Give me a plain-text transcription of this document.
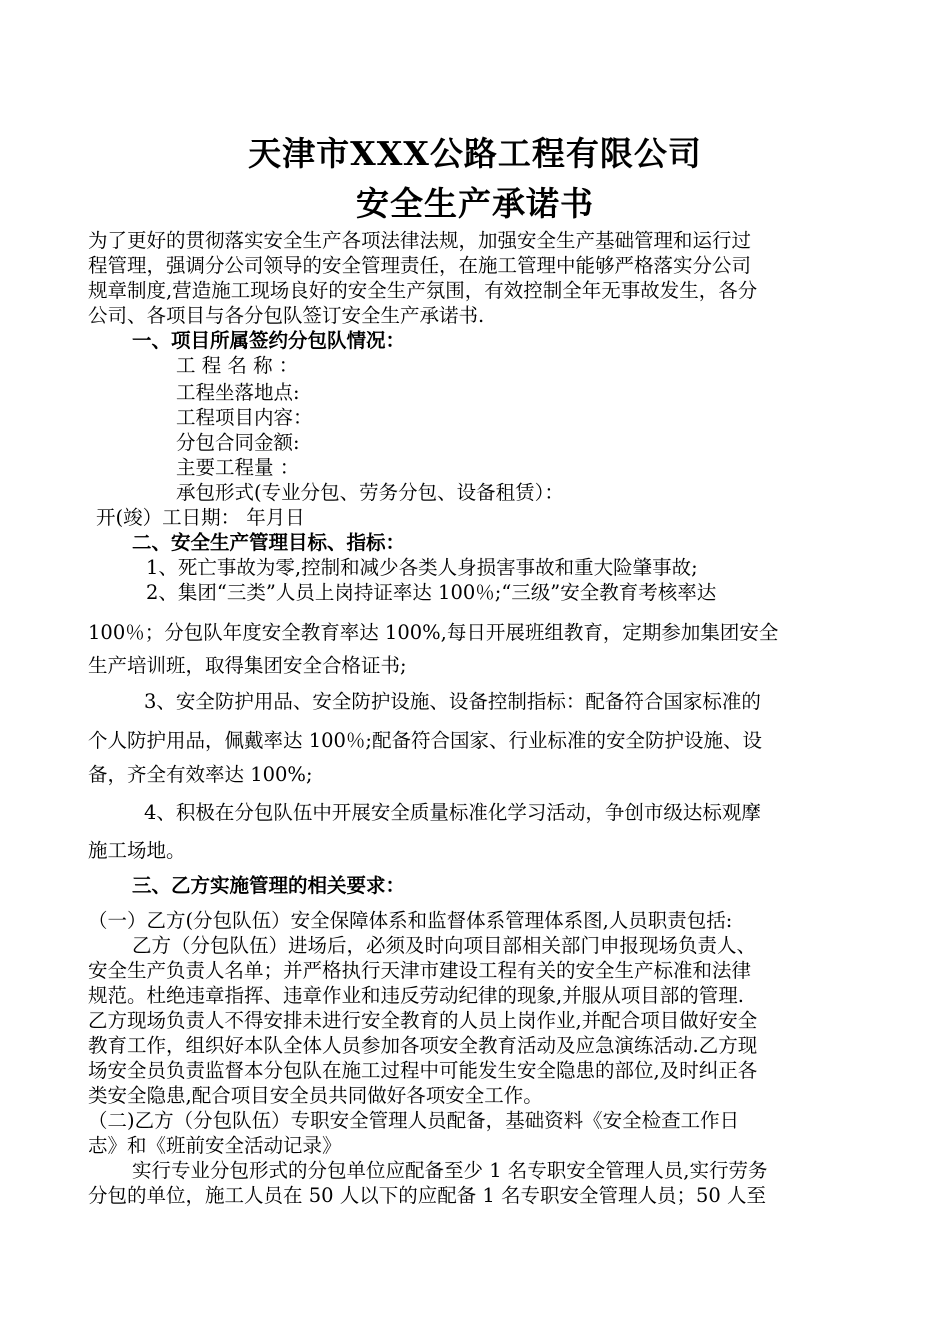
天津市XXX公路工程有限公司
安全生产承诺书
为了更好的贯彻落实安全生产各项法律法规，加强安全生产基础管理和运行过
程管理，强调分公司领导的安全管理责任，在施工管理中能够严格落实分公司
规章制度,营造施工现场良好的安全生产氛围，有效控制全年无事故发生，各分
公司、各项目与各分包队签订安全生产承诺书.
一、项目所属签约分包队情况：
工 程 名 称 ：
工程坐落地点:
工程项目内容：
分包合同金额:
主要工程量 ：
承包形式(专业分包、劳务分包、设备租赁）：
开(竣）工日期： 年月日
二、安全生产管理目标、指标：
1、死亡事故为零,控制和减少各类人身损害事故和重大险肇事故;
2、集团“三类”人员上岗持证率达 100％;“三级”安全教育考核率达
100％；分包队年度安全教育率达 100%,每日开展班组教育，定期参加集团安全
生产培训班，取得集团安全合格证书;
3、安全防护用品、安全防护设施、设备控制指标：配备符合国家标准的
个人防护用品，佩戴率达 100％;配备符合国家、行业标准的安全防护设施、设
备，齐全有效率达 100%;
4、积极在分包队伍中开展安全质量标准化学习活动，争创市级达标观摩
施工场地。
三、乙方实施管理的相关要求：
（一）乙方(分包队伍）安全保障体系和监督体系管理体系图,人员职责包括:
乙方（分包队伍）进场后，必须及时向项目部相关部门申报现场负责人、
安全生产负责人名单；并严格执行天津市建设工程有关的安全生产标准和法律
规范。杜绝违章指挥、违章作业和违反劳动纪律的现象,并服从项目部的管理.
乙方现场负责人不得安排未进行安全教育的人员上岗作业,并配合项目做好安全
教育工作，组织好本队全体人员参加各项安全教育活动及应急演练活动.乙方现
场安全员负责监督本分包队在施工过程中可能发生安全隐患的部位,及时纠正各
类安全隐患,配合项目安全员共同做好各项安全工作。
（二)乙方（分包队伍）专职安全管理人员配备，基础资料《安全检查工作日
志》和《班前安全活动记录》
实行专业分包形式的分包单位应配备至少 1 名专职安全管理人员,实行劳务
分包的单位，施工人员在 50 人以下的应配备 1 名专职安全管理人员；50 人至
